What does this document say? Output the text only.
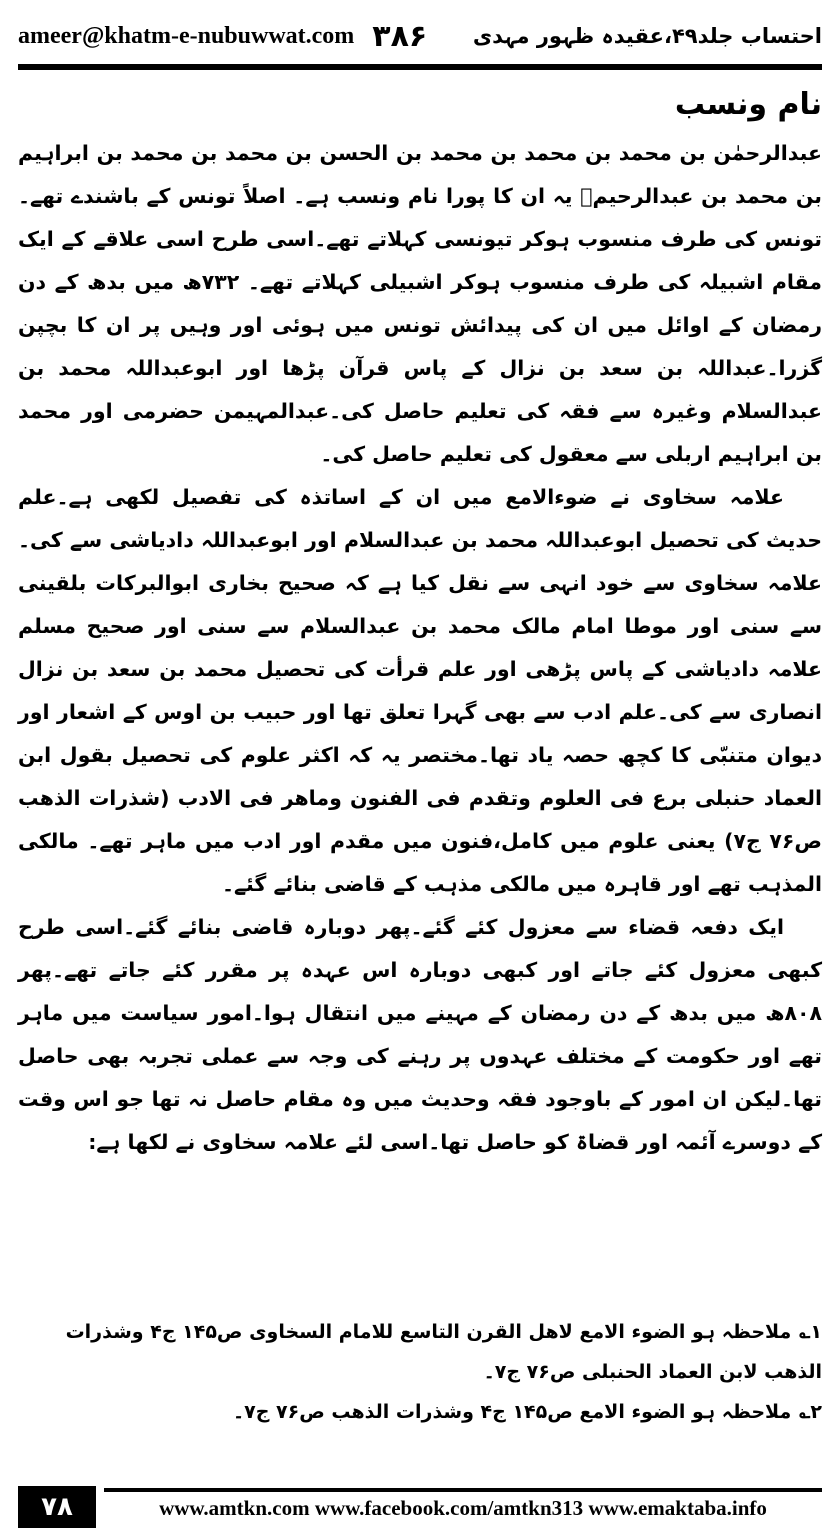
ameer@khatm-e-nubuwwat.com ۳۸۶ احتساب جلد۴۹،عقیدہ ظہور مہدی
نام ونسب

عبدالرحمٰن بن محمد بن محمد بن محمد بن الحسن بن محمد بن محمد بن ابراہیم بن محمد بن عبدالرحیمؒ یہ ان کا پورا نام ونسب ہے۔ اصلاً تونس کے باشندے تھے۔تونس کی طرف منسوب ہوکر تیونسی کہلاتے تھے۔اسی طرح اسی علاقے کے ایک مقام اشبیلہ کی طرف منسوب ہوکر اشبیلی کہلاتے تھے۔ ۷۳۲ھ میں بدھ کے دن رمضان کے اوائل میں ان کی پیدائش تونس میں ہوئی اور وہیں پر ان کا بچپن گزرا۔عبداللہ بن سعد بن نزال کے پاس قرآن پڑھا اور ابوعبداللہ محمد بن عبدالسلام وغیرہ سے فقہ کی تعلیم حاصل کی۔عبدالمہیمن حضرمی اور محمد بن ابراہیم اربلی سے معقول کی تعلیم حاصل کی۔

علامہ سخاوی نے ضوءالامع میں ان کے اساتذہ کی تفصیل لکھی ہے۔علم حدیث کی تحصیل ابوعبداللہ محمد بن عبدالسلام اور ابوعبداللہ دادیاشی سے کی۔ علامہ سخاوی سے خود انہی سے نقل کیا ہے کہ صحیح بخاری ابوالبرکات بلقینی سے سنی اور موطا امام مالک محمد بن عبدالسلام سے سنی اور صحیح مسلم علامہ دادیاشی کے پاس پڑھی اور علم قرأت کی تحصیل محمد بن سعد بن نزال انصاری سے کی۔علم ادب سے بھی گہرا تعلق تھا اور حبیب بن اوس کے اشعار اور دیوان متنبّی کا کچھ حصہ یاد تھا۔مختصر یہ کہ اکثر علوم کی تحصیل بقول ابن العماد حنبلی برع فی العلوم وتقدم فی الفنون وماھر فی الادب (شذرات الذھب ص۷۶ ج۷) یعنی علوم میں کامل،فنون میں مقدم اور ادب میں ماہر تھے۔ مالکی المذہب تھے اور قاہرہ میں مالکی مذہب کے قاضی بنائے گئے۔

ایک دفعہ قضاء سے معزول کئے گئے۔پھر دوبارہ قاضی بنائے گئے۔اسی طرح کبھی معزول کئے جاتے اور کبھی دوبارہ اس عہدہ پر مقرر کئے جاتے تھے۔پھر ۸۰۸ھ میں بدھ کے دن رمضان کے مہینے میں انتقال ہوا۔امور سیاست میں ماہر تھے اور حکومت کے مختلف عہدوں پر رہنے کی وجہ سے عملی تجربہ بھی حاصل تھا۔لیکن ان امور کے باوجود فقہ وحدیث میں وہ مقام حاصل نہ تھا جو اس وقت کے دوسرے آئمہ اور قضاۃ کو حاصل تھا۔اسی لئے علامہ سخاوی نے لکھا ہے:

۱؎ملاحظہ ہو الضوء الامع لاھل القرن التاسع للامام السخاوی ص۱۴۵ ج۴ وشذرات الذھب لابن العماد الحنبلی ص۷۶ ج۷۔

۲؎ملاحظہ ہو الضوء الامع ص۱۴۵ ج۴ وشذرات الذھب ص۷۶ ج۷۔

۷۸	www.amtkn.com www.facebook.com/amtkn313 www.emaktaba.info
